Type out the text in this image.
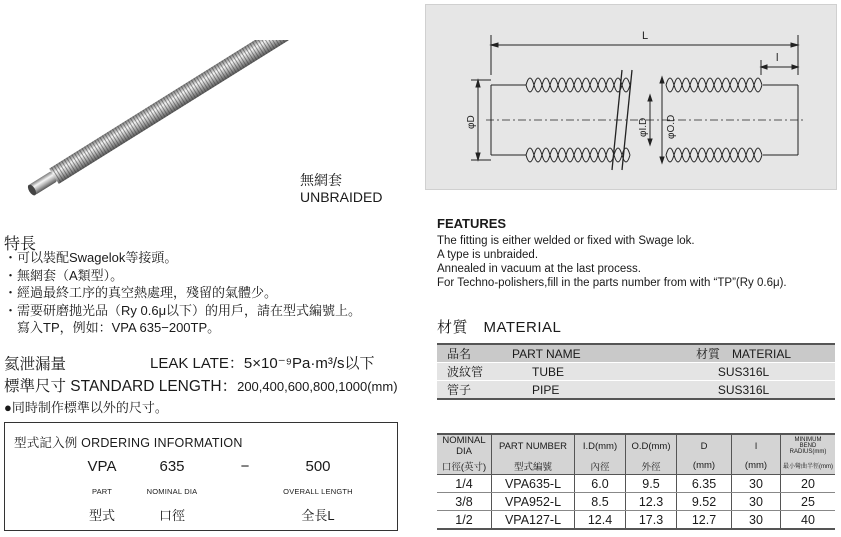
無網套
UNBRAIDED
特長
・可以裝配Swagelok等接頭。
・無網套（A類型）。
・經過最終工序的真空熱處理，殘留的氣體少。
・需要研磨抛光品（Ry 0.6μ以下）的用戶，請在型式編號上。
　寫入TP，例如：VPA 635−200TP。
氦泄漏量	LEAK LATE：5×10⁻⁹Pa·m³/s以下
標準尺寸 STANDARD LENGTH：200,400,600,800,1000(mm)
●同時制作標準以外的尺寸。
型式記入例 ORDERING INFORMATION
VPA	635	−	500
PART	NOMINAL DIA	OVERALL LENGTH
型式	口徑	全長L
L
l
φD	φI.D φO.D
FEATURES
The fitting is either welded or fixed with Swage lok.
A type is unbraided.
Annealed in vacuum at the last process.
For Techno-polishers,fill in the parts number from with “TP”(Ry 0.6μ).
材質　MATERIAL
品名	PART NAME	材質　MATERIAL
波紋管	TUBE	SUS316L
管子	PIPE	SUS316L
NOMINAL DIA	PART NUMBER	I.D(mm)	O.D(mm)	D	l	MINIMUM
BEND RADIUS(mm)

口徑(英寸)	型式編號	內徑	外徑	(mm)	(mm)	最小彎曲半徑(mm)
1/4	VPA635-L	6.0	9.5	6.35	30	20
3/8	VPA952-L	8.5	12.3	9.52	30	25
1/2	VPA127-L	12.4	17.3	12.7	30	40
